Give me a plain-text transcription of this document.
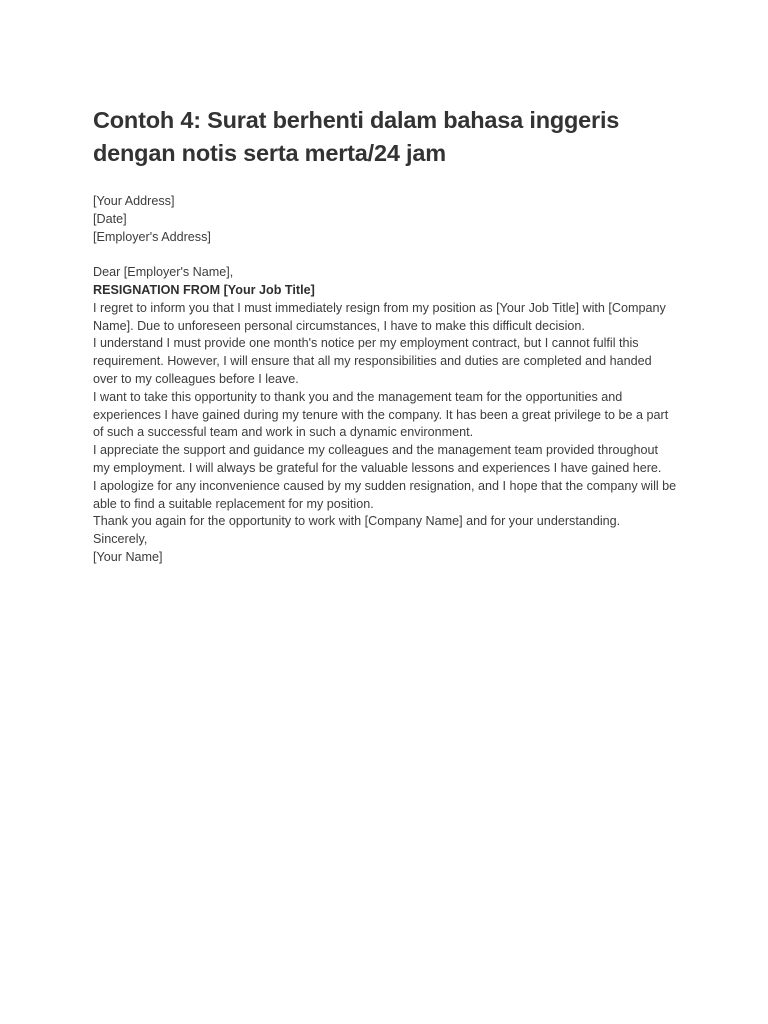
Contoh 4: Surat berhenti dalam bahasa inggeris dengan notis serta merta/24 jam
[Your Address]
[Date]
[Employer's Address]
Dear [Employer's Name],
RESIGNATION FROM [Your Job Title]
I regret to inform you that I must immediately resign from my position as [Your Job Title] with [Company Name]. Due to unforeseen personal circumstances, I have to make this difficult decision.
I understand I must provide one month's notice per my employment contract, but I cannot fulfil this requirement. However, I will ensure that all my responsibilities and duties are completed and handed over to my colleagues before I leave.
I want to take this opportunity to thank you and the management team for the opportunities and experiences I have gained during my tenure with the company. It has been a great privilege to be a part of such a successful team and work in such a dynamic environment.
I appreciate the support and guidance my colleagues and the management team provided throughout my employment. I will always be grateful for the valuable lessons and experiences I have gained here.
I apologize for any inconvenience caused by my sudden resignation, and I hope that the company will be able to find a suitable replacement for my position.
Thank you again for the opportunity to work with [Company Name] and for your understanding.
Sincerely,
[Your Name]
